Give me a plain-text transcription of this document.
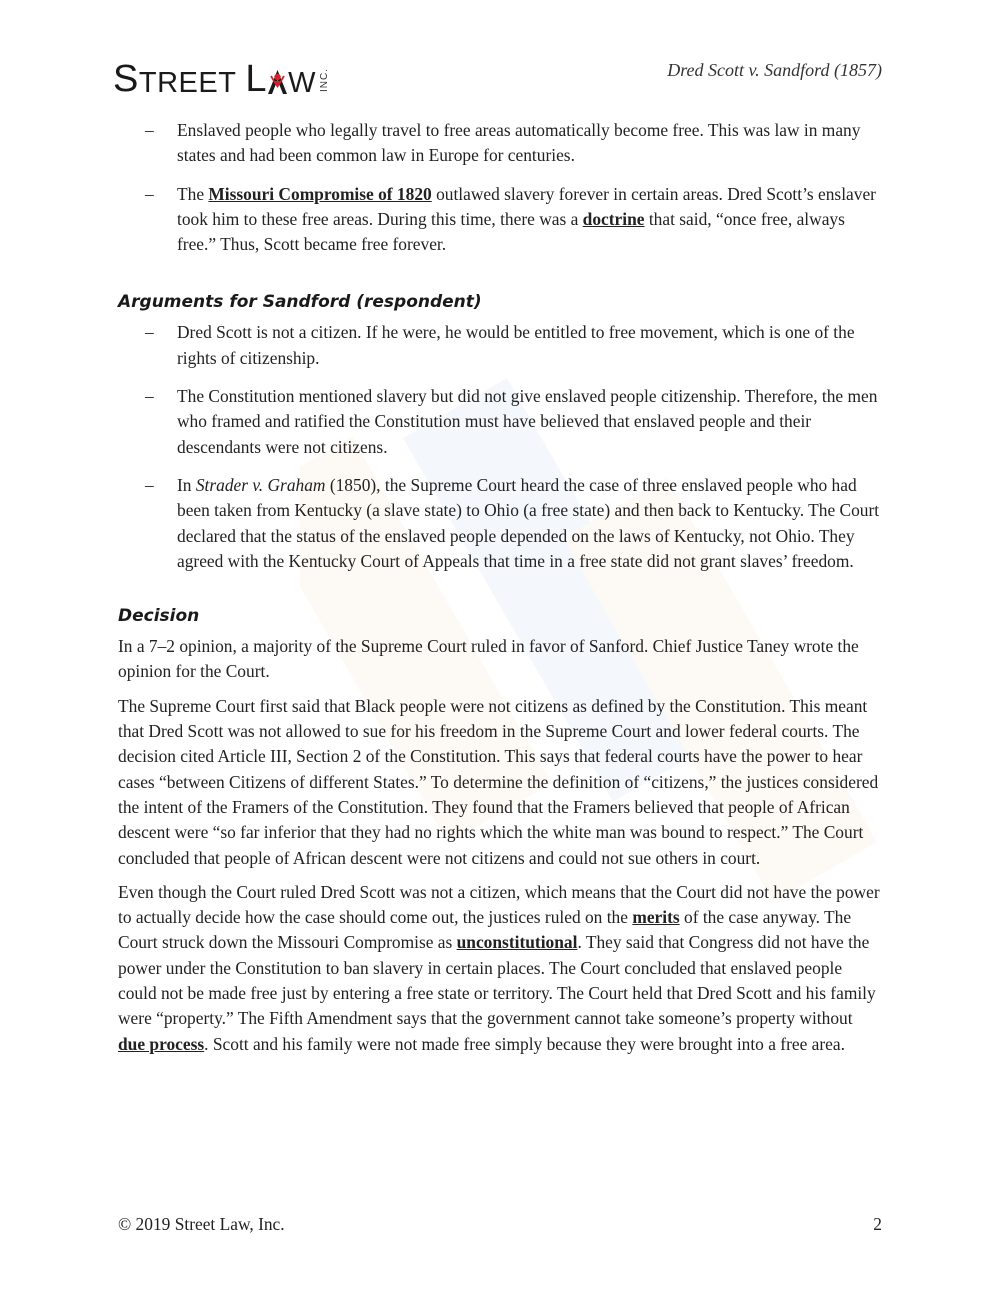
S TREET L W INC.	Dred Scott v. Sandford (1857)
– Enslaved people who legally travel to free areas automatically become free. This was law in many states and had been common law in Europe for centuries.
– The Missouri Compromise of 1820 outlawed slavery forever in certain areas. Dred Scott’s enslaver took him to these free areas. During this time, there was a doctrine that said, “once free, always free.” Thus, Scott became free forever.
Arguments for Sandford (respondent)
– Dred Scott is not a citizen. If he were, he would be entitled to free movement, which is one of the rights of citizenship.
– The Constitution mentioned slavery but did not give enslaved people citizenship. Therefore, the men who framed and ratified the Constitution must have believed that enslaved people and their descendants were not citizens.
– In Strader v. Graham (1850), the Supreme Court heard the case of three enslaved people who had been taken from Kentucky (a slave state) to Ohio (a free state) and then back to Kentucky. The Court declared that the status of the enslaved people depended on the laws of Kentucky, not Ohio. They agreed with the Kentucky Court of Appeals that time in a free state did not grant slaves’ freedom.
Decision

In a 7–2 opinion, a majority of the Supreme Court ruled in favor of Sanford. Chief Justice Taney wrote the opinion for the Court.

The Supreme Court first said that Black people were not citizens as defined by the Constitution. This meant that Dred Scott was not allowed to sue for his freedom in the Supreme Court and lower federal courts. The decision cited Article III, Section 2 of the Constitution. This says that federal courts have the power to hear cases “between Citizens of different States.” To determine the definition of “citizens,” the justices considered the intent of the Framers of the Constitution. They found that the Framers believed that people of African descent were “so far inferior that they had no rights which the white man was bound to respect.” The Court concluded that people of African descent were not citizens and could not sue others in court.

Even though the Court ruled Dred Scott was not a citizen, which means that the Court did not have the power to actually decide how the case should come out, the justices ruled on the merits of the case anyway. The Court struck down the Missouri Compromise as unconstitutional. They said that Congress did not have the power under the Constitution to ban slavery in certain places. The Court concluded that enslaved people could not be made free just by entering a free state or territory. The Court held that Dred Scott and his family were “property.” The Fifth Amendment says that the government cannot take someone’s property without due process. Scott and his family were not made free simply because they were brought into a free area.

© 2019 Street Law, Inc.	2
